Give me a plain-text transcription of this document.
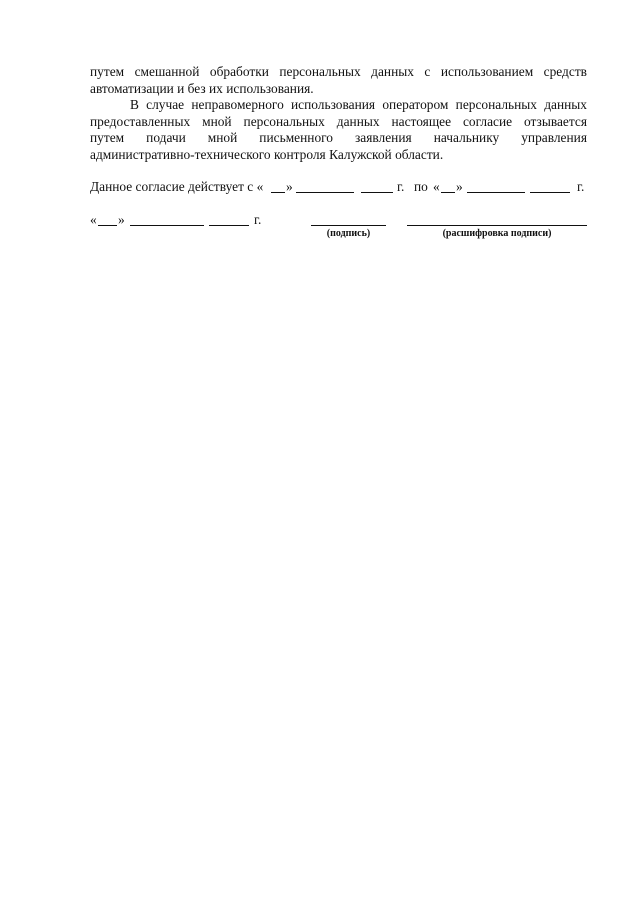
путем смешанной обработки персональных данных с использованием средств
автоматизации и без их использования.
В случае неправомерного использования оператором персональных данных
предоставленных мной персональных данных настоящее согласие отзывается
путем подачи мной письменного заявления начальнику управления
административно-технического контроля Калужской области.
Данное согласие действует с « »	г. по « »	г.
« »	г.
(подпись)	(расшифровка подписи)
